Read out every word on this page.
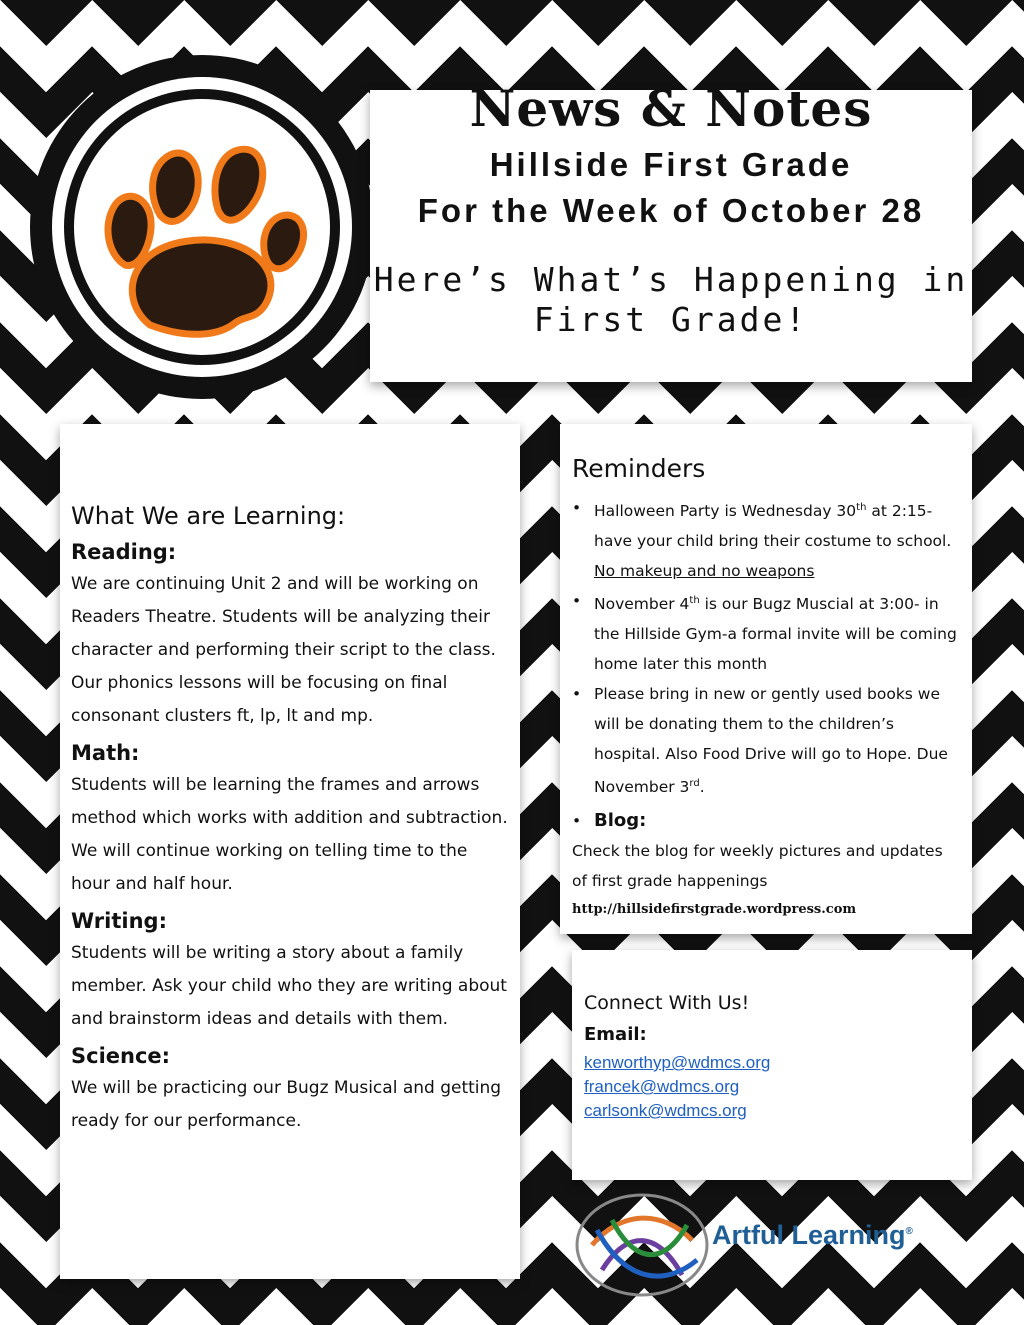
News & Notes
Hillside First Grade
For the Week of October 28
Here’s What’s Happening in First Grade!
What We are Learning:
Reading:
We are continuing Unit 2 and will be working on Readers Theatre. Students will be analyzing their character and performing their script to the class. Our phonics lessons will be focusing on final consonant clusters ft, lp, lt and mp.
Math:
Students will be learning the frames and arrows method which works with addition and subtraction. We will continue working on telling time to the hour and half hour.
Writing:
Students will be writing a story about a family member. Ask your child who they are writing about and brainstorm ideas and details with them.
Science:
We will be practicing our Bugz Musical and getting ready for our performance.
Reminders
• Halloween Party is Wednesday 30th at 2:15- have your child bring their costume to school. No makeup and no weapons
• November 4th is our Bugz Muscial at 3:00- in the Hillside Gym-a formal invite will be coming home later this month
• Please bring in new or gently used books we will be donating them to the children’s hospital. Also Food Drive will go to Hope. Due November 3rd.
• Blog:
Check the blog for weekly pictures and updates of first grade happenings
http://hillsidefirstgrade.wordpress.com
Connect With Us!
Email:
kenworthyp@wdmcs.org
francek@wdmcs.org
carlsonk@wdmcs.org
Artful Learning®
